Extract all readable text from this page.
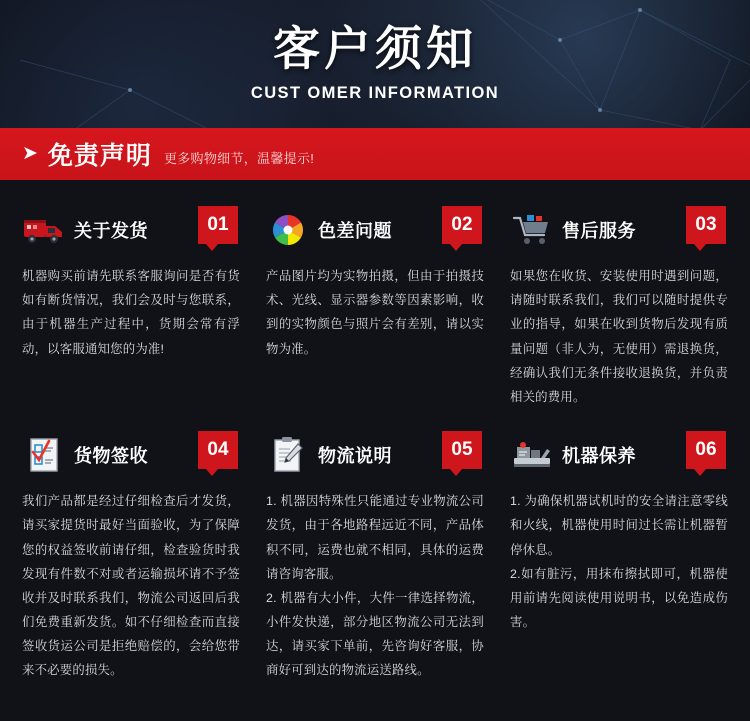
客户须知
CUST OMER INFORMATION
➤ 免责声明 更多购物细节，温馨提示!
关于发货	01

机器购买前请先联系客服询问是否有货如有断货情况，我们会及时与您联系，由于机器生产过程中，货期会常有浮动，以客服通知您的为准!

色差问题	02

产品图片均为实物拍摄，但由于拍摄技术、光线、显示器参数等因素影响，收到的实物颜色与照片会有差别，请以实物为准。

售后服务	03

如果您在收货、安装使用时遇到问题，请随时联系我们，我们可以随时提供专业的指导，如果在收到货物后发现有质量问题（非人为，无使用）需退换货，经确认我们无条件接收退换货，并负责相关的费用。

货物签收	04

我们产品都是经过仔细检查后才发货，请买家提货时最好当面验收，为了保障您的权益签收前请仔细，检查验货时我发现有件数不对或者运输损坏请不予签收并及时联系我们，物流公司返回后我们免费重新发货。如不仔细检查而直接签收货运公司是拒绝赔偿的，会给您带来不必要的损失。

物流说明	05

1. 机器因特殊性只能通过专业物流公司发货，由于各地路程远近不同，产品体积不同，运费也就不相同，具体的运费请咨询客服。

2. 机器有大小件，大件一律选择物流，小件发快递，部分地区物流公司无法到达，请买家下单前，先咨询好客服，协商好可到达的物流运送路线。

机器保养	06

1. 为确保机器试机时的安全请注意零线和火线，机器使用时间过长需让机器暂停休息。

2.如有脏污，用抹布擦拭即可，机器使用前请先阅读使用说明书，以免造成伤害。
